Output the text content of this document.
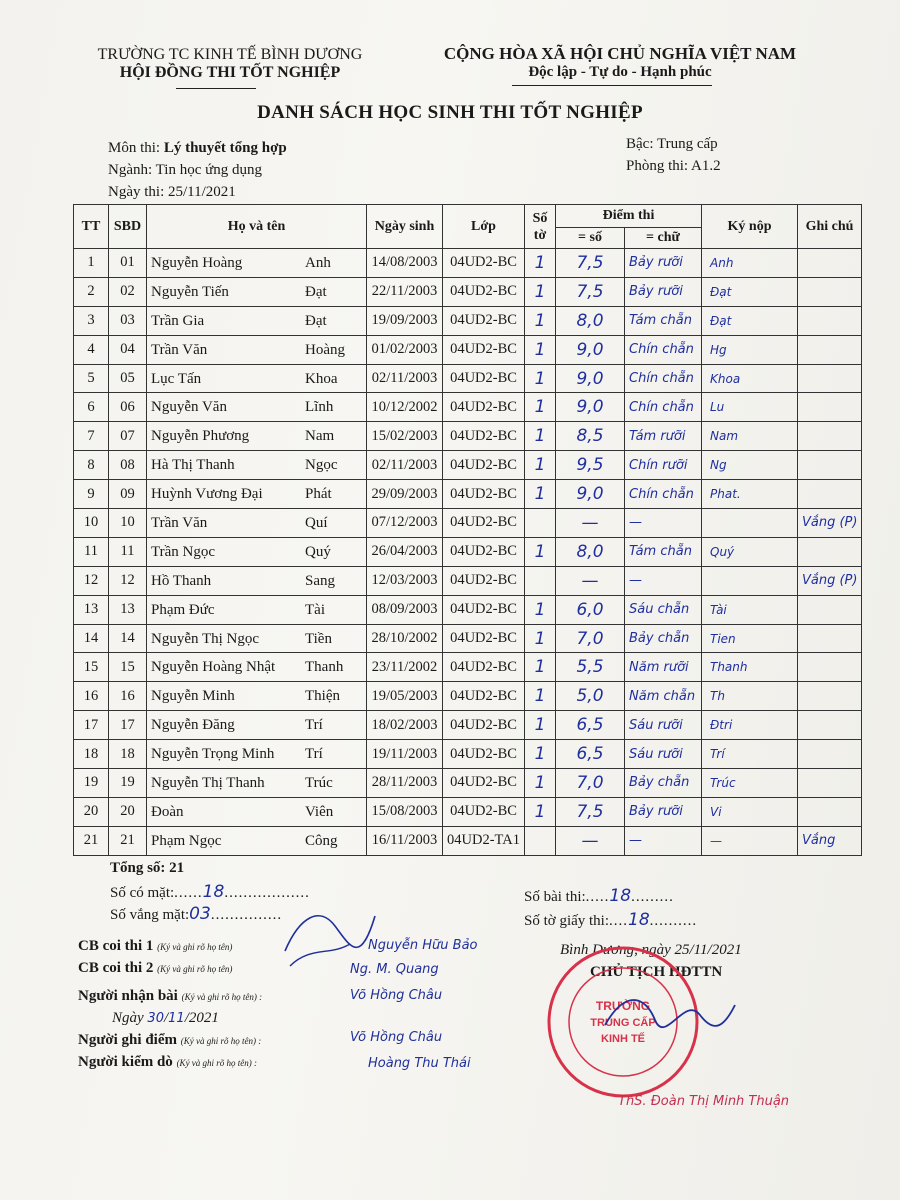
TRƯỜNG TC KINH TẾ BÌNH DƯƠNG
HỘI ĐỒNG THI TỐT NGHIỆP
CỘNG HÒA XÃ HỘI CHỦ NGHĨA VIỆT NAM
Độc lập - Tự do - Hạnh phúc
DANH SÁCH HỌC SINH THI TỐT NGHIỆP
Môn thi: Lý thuyết tổng hợp
Ngành: Tin học ứng dụng
Ngày thi: 25/11/2021
Bậc: Trung cấp
Phòng thi: A1.2
TT	SBD	Họ và tên	Ngày sinh	Lớp	Số tờ	Điểm thi		Ký nộp	Ghi chú
						= số	= chữ		
1	01	Nguyễn Hoàng Anh	14/08/2003	04UD2-BC	1	7,5	Bảy rưỡi	Anh	
2	02	Nguyễn Tiến Đạt	22/11/2003	04UD2-BC	1	7,5	Bảy rưỡi	Đạt	
3	03	Trần Gia Đạt	19/09/2003	04UD2-BC	1	8,0	Tám chẵn	Đạt	
4	04	Trần Văn Hoàng	01/02/2003	04UD2-BC	1	9,0	Chín chẵn	Hg	
5	05	Lục Tấn Khoa	02/11/2003	04UD2-BC	1	9,0	Chín chẵn	Khoa	
6	06	Nguyễn Văn Lĩnh	10/12/2002	04UD2-BC	1	9,0	Chín chẵn	Lu	
7	07	Nguyễn Phương Nam	15/02/2003	04UD2-BC	1	8,5	Tám rưỡi	Nam	
8	08	Hà Thị Thanh Ngọc	02/11/2003	04UD2-BC	1	9,5	Chín rưỡi	Ng	
9	09	Huỳnh Vương Đại Phát	29/09/2003	04UD2-BC	1	9,0	Chín chẵn	Phat.	
10	10	Trần Văn Quí	07/12/2003	04UD2-BC		—	—		Vắng (P)
11	11	Trần Ngọc Quý	26/04/2003	04UD2-BC	1	8,0	Tám chẵn	Quý	
12	12	Hồ Thanh Sang	12/03/2003	04UD2-BC		—	—		Vắng (P)
13	13	Phạm Đức Tài	08/09/2003	04UD2-BC	1	6,0	Sáu chẵn	Tài	
14	14	Nguyễn Thị Ngọc Tiền	28/10/2002	04UD2-BC	1	7,0	Bảy chẵn	Tien	
15	15	Nguyễn Hoàng Nhật Thanh	23/11/2002	04UD2-BC	1	5,5	Năm rưỡi	Thanh	
16	16	Nguyễn Minh Thiện	19/05/2003	04UD2-BC	1	5,0	Năm chẵn	Th	
17	17	Nguyễn Đăng Trí	18/02/2003	04UD2-BC	1	6,5	Sáu rưỡi	Đtri	
18	18	Nguyễn Trọng Minh Trí	19/11/2003	04UD2-BC	1	6,5	Sáu rưỡi	Trí	
19	19	Nguyễn Thị Thanh Trúc	28/11/2003	04UD2-BC	1	7,0	Bảy chẵn	Trúc	
20	20	Đoàn Viên	15/08/2003	04UD2-BC	1	7,5	Bảy rưỡi	Vi	
21	21	Phạm Ngọc Công	16/11/2003	04UD2-TA1		—	—	—	Vắng
Tổng số: 21
Số có mặt:......18..................
Số vắng mặt:03...............
Số bài thi:.....18.........
Số tờ giấy thi:....18..........
CB coi thi 1 (Ký và ghi rõ họ tên)	Nguyễn Hữu Bảo
CB coi thi 2 (Ký và ghi rõ họ tên)	Ng. M. Quang
Người nhận bài (Ký và ghi rõ họ tên) :	Võ Hồng Châu
Ngày 30/11/2021
Người ghi điểm (Ký và ghi rõ họ tên) :	Võ Hồng Châu
Người kiểm dò (Ký và ghi rõ họ tên) :	Hoàng Thu Thái
Bình Dương, ngày 25/11/2021
CHỦ TỊCH HĐTTN
TRƯỜNG
TRUNG CẤP
KINH TẾ
ThS. Đoàn Thị Minh Thuận
